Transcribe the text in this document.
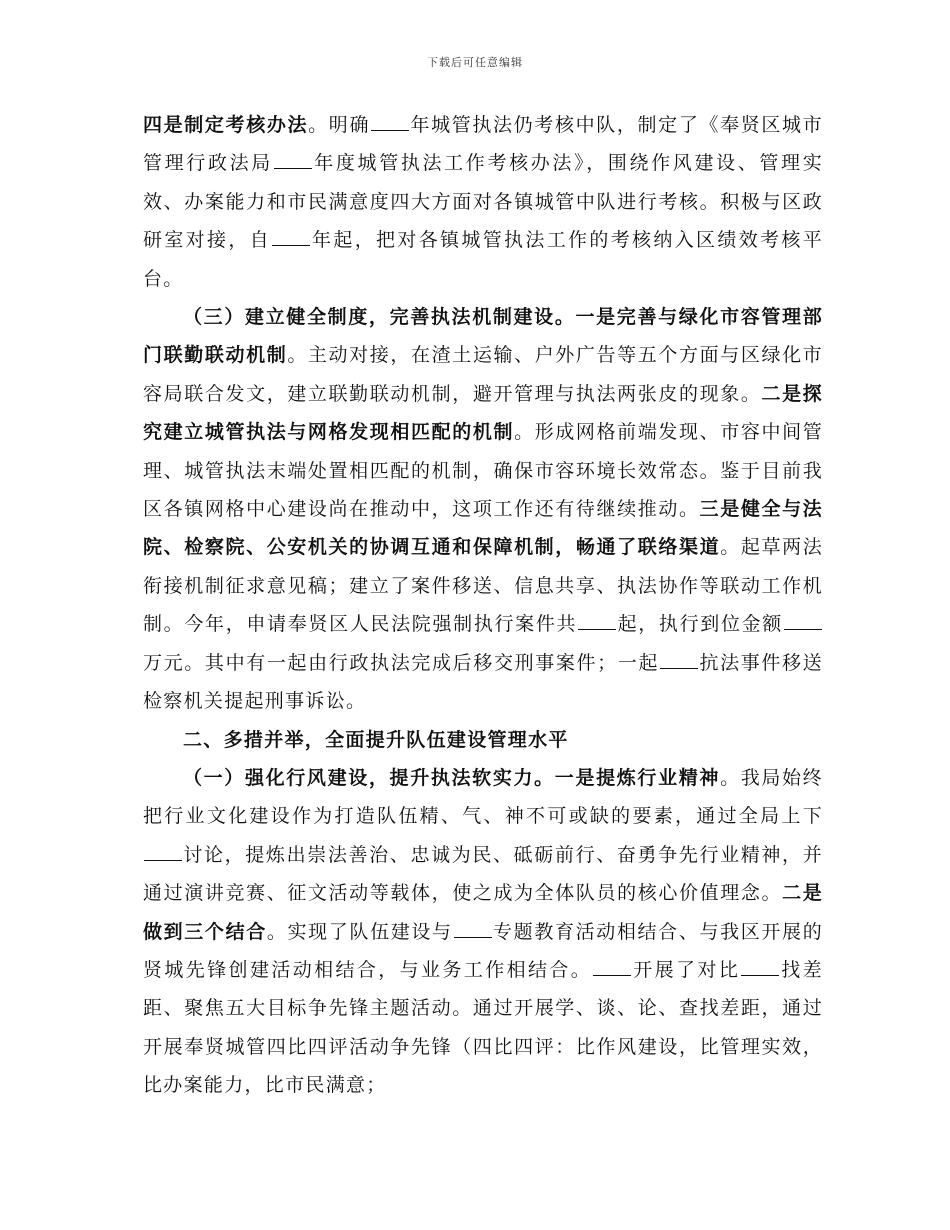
下载后可任意编辑

四是制定考核办法。明确 年城管执法仍考核中队，制定了《奉贤区城市管理行政法局 年度城管执法工作考核办法》，围绕作风建设、管理实效、办案能力和市民满意度四大方面对各镇城管中队进行考核。积极与区政研室对接，自 年起，把对各镇城管执法工作的考核纳入区绩效考核平台。

（三）建立健全制度，完善执法机制建设。一是完善与绿化市容管理部门联勤联动机制。主动对接，在渣土运输、户外广告等五个方面与区绿化市容局联合发文，建立联勤联动机制，避开管理与执法两张皮的现象。二是探究建立城管执法与网格发现相匹配的机制。形成网格前端发现、市容中间管理、城管执法末端处置相匹配的机制，确保市容环境长效常态。鉴于目前我区各镇网格中心建设尚在推动中，这项工作还有待继续推动。三是健全与法院、检察院、公安机关的协调互通和保障机制，畅通了联络渠道。起草两法衔接机制征求意见稿；建立了案件移送、信息共享、执法协作等联动工作机制。今年，申请奉贤区人民法院强制执行案件共 起，执行到位金额万元。其中有一起由行政执法完成后移交刑事案件；一起 抗法事件移送检察机关提起刑事诉讼。

二、多措并举，全面提升队伍建设管理水平

（一）强化行风建设，提升执法软实力。一是提炼行业精神。我局始终把行业文化建设作为打造队伍精、气、神不可或缺的要素，通过全局上下讨论，提炼出崇法善治、忠诚为民、砥砺前行、奋勇争先行业精神，并通过演讲竞赛、征文活动等载体，使之成为全体队员的核心价值理念。二是做到三个结合。实现了队伍建设与 专题教育活动相结合、与我区开展的贤城先锋创建活动相结合，与业务工作相结合。 开展了对比 找差距、聚焦五大目标争先锋主题活动。通过开展学、谈、论、查找差距，通过开展奉贤城管四比四评活动争先锋（四比四评：比作风建设，比管理实效，比办案能力，比市民满意；
